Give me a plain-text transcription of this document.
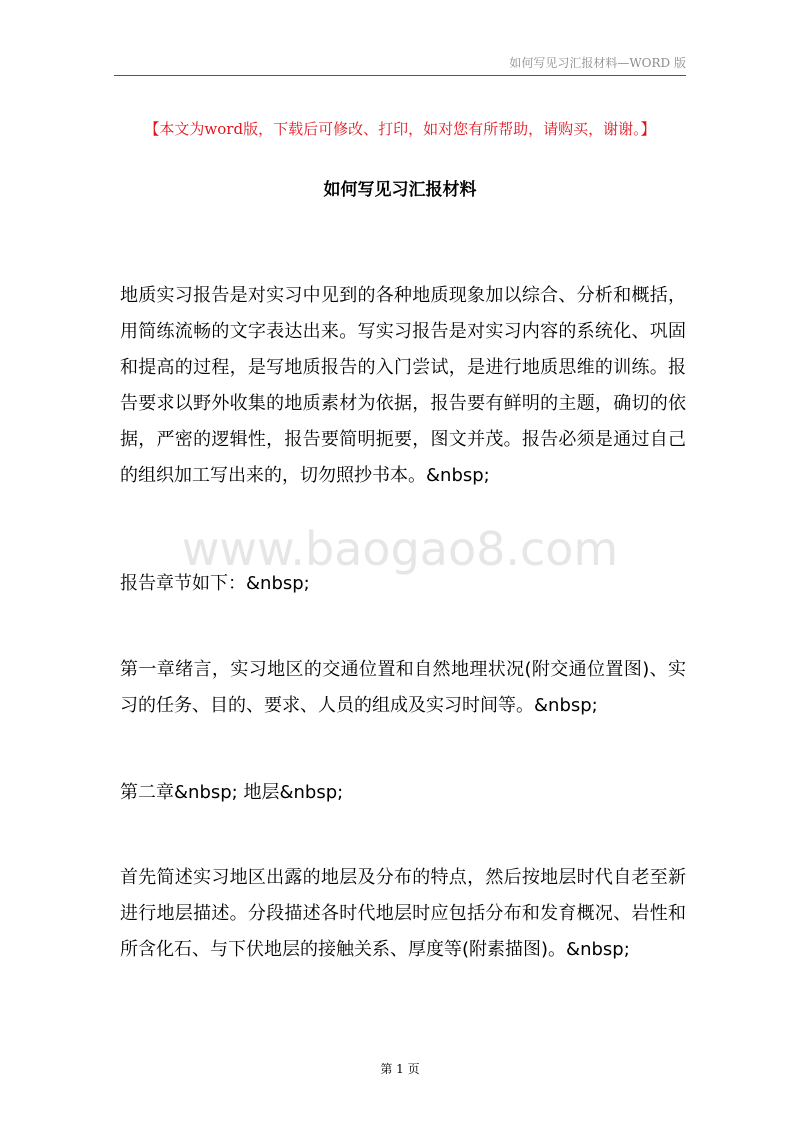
如何写见习汇报材料—WORD 版
【本文为word版，下载后可修改、打印，如对您有所帮助，请购买，谢谢。】
如何写见习汇报材料

地质实习报告是对实习中见到的各种地质现象加以综合、分析和概括，用简练流畅的文字表达出来。写实习报告是对实习内容的系统化、巩固和提高的过程，是写地质报告的入门尝试，是进行地质思维的训练。报告要求以野外收集的地质素材为依据，报告要有鲜明的主题，确切的依据，严密的逻辑性，报告要简明扼要，图文并茂。报告必须是通过自己的组织加工写出来的，切勿照抄书本。&nbsp;

www.baogao8.com

报告章节如下：&nbsp;

第一章绪言，实习地区的交通位置和自然地理状况(附交通位置图)、实习的任务、目的、要求、人员的组成及实习时间等。&nbsp;

第二章&nbsp; 地层&nbsp;

首先简述实习地区出露的地层及分布的特点，然后按地层时代自老至新进行地层描述。分段描述各时代地层时应包括分布和发育概况、岩性和所含化石、与下伏地层的接触关系、厚度等(附素描图)。&nbsp;

第 1 页
